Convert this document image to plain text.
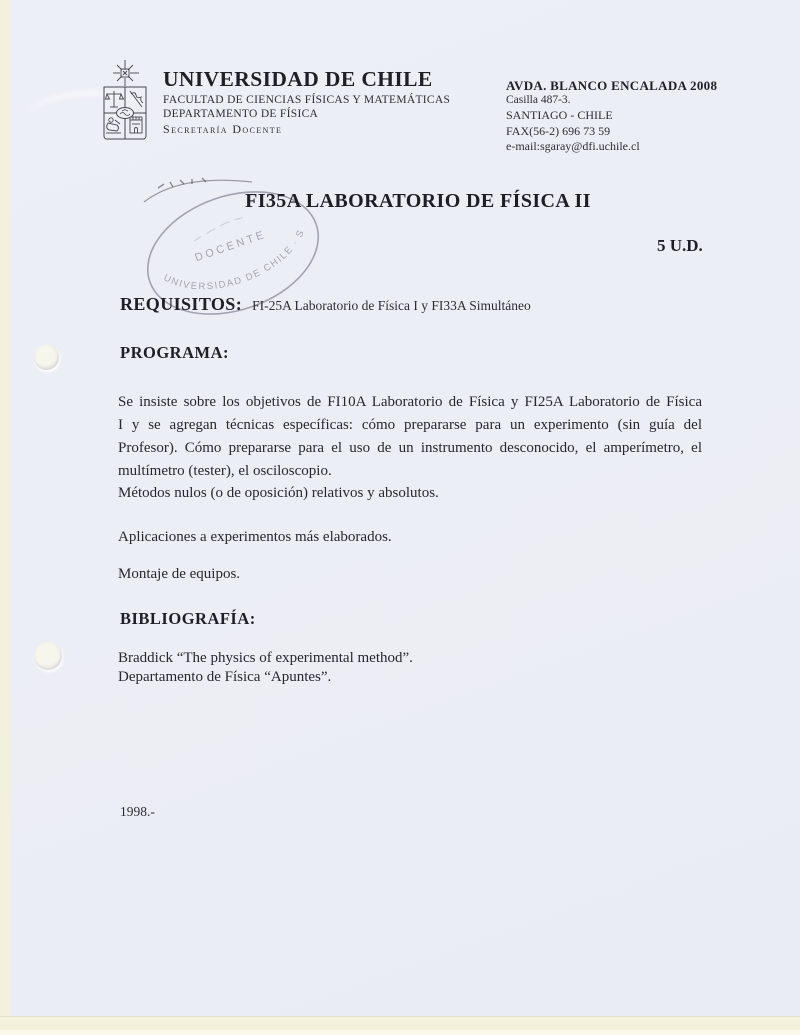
UNIVERSIDAD DE CHILE
FACULTAD DE CIENCIAS FÍSICAS Y MATEMÁTICAS
DEPARTAMENTO DE FÍSICA
Secretaría Docente
AVDA. BLANCO ENCALADA 2008
Casilla 487-3.
SANTIAGO - CHILE
FAX(56-2) 696 73 59
e-mail:sgaray@dfi.uchile.cl
UNIVERSIDAD DE CHILE · S
DOCENTE
FI35A LABORATORIO DE FÍSICA II
5 U.D.
REQUISITOS: FI-25A Laboratorio de Física I y FI33A Simultáneo
PROGRAMA:
Se insiste sobre los objetivos de FI10A Laboratorio de Física y FI25A Laboratorio de Física
I y se agregan técnicas específicas: cómo prepararse para un experimento (sin guía del
Profesor). Cómo prepararse para el uso de un instrumento desconocido, el amperímetro, el
multímetro (tester), el osciloscopio.
Métodos nulos (o de oposición) relativos y absolutos.
Aplicaciones a experimentos más elaborados.
Montaje de equipos.
BIBLIOGRAFÍA:
Braddick “The physics of experimental method”.
Departamento de Física “Apuntes”.
1998.-
